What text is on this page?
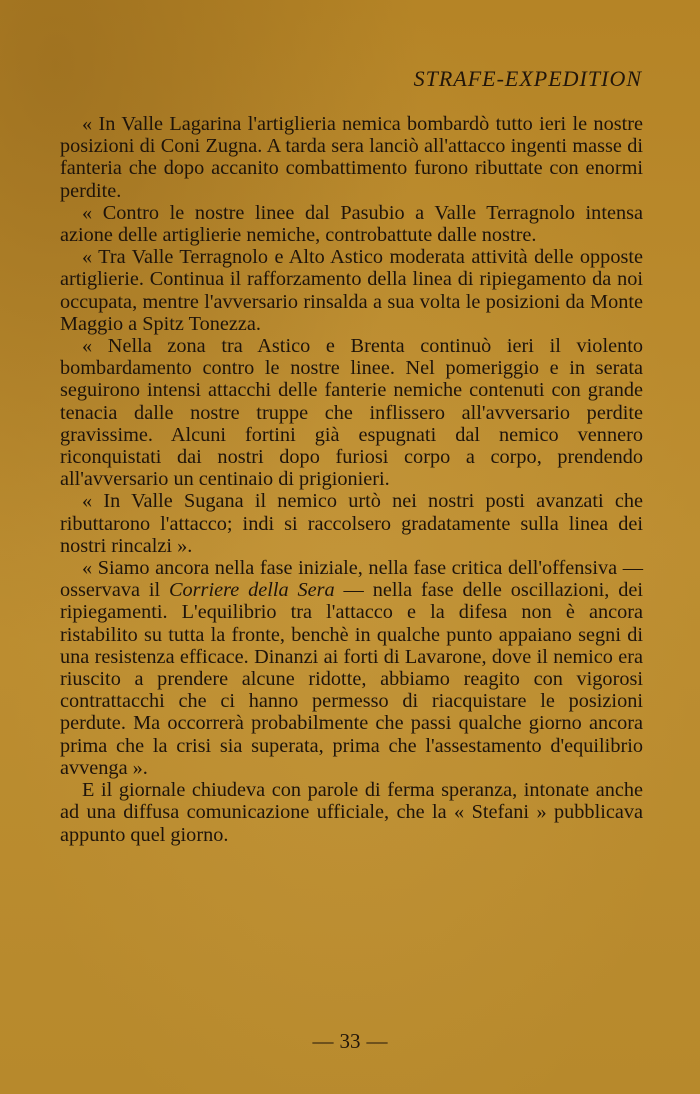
STRAFE-EXPEDITION

« In Valle Lagarina l'artiglieria nemica bombardò tutto ieri le nostre posizioni di Coni Zugna. A tarda sera lanciò all'attacco ingenti masse di fanteria che dopo accanito combattimento furono ributtate con enormi perdite.

« Contro le nostre linee dal Pasubio a Valle Terragnolo intensa azione delle artiglierie nemiche, controbattute dalle nostre.

« Tra Valle Terragnolo e Alto Astico moderata attività delle opposte artiglierie. Continua il rafforzamento della linea di ripiegamento da noi occupata, mentre l'avversario rinsalda a sua volta le posizioni da Monte Maggio a Spitz Tonezza.

« Nella zona tra Astico e Brenta continuò ieri il violento bombardamento contro le nostre linee. Nel pomeriggio e in serata seguirono intensi attacchi delle fanterie nemiche contenuti con grande tenacia dalle nostre truppe che inflissero all'avversario perdite gravissime. Alcuni fortini già espugnati dal nemico vennero riconquistati dai nostri dopo furiosi corpo a corpo, prendendo all'avversario un centinaio di prigionieri.

« In Valle Sugana il nemico urtò nei nostri posti avanzati che ributtarono l'attacco; indi si raccolsero gradatamente sulla linea dei nostri rincalzi ».

« Siamo ancora nella fase iniziale, nella fase critica dell'offensiva — osservava il Corriere della Sera — nella fase delle oscillazioni, dei ripiegamenti. L'equilibrio tra l'attacco e la difesa non è ancora ristabilito su tutta la fronte, benchè in qualche punto appaiano segni di una resistenza efficace. Dinanzi ai forti di Lavarone, dove il nemico era riuscito a prendere alcune ridotte, abbiamo reagito con vigorosi contrattacchi che ci hanno permesso di riacquistare le posizioni perdute. Ma occorrerà probabilmente che passi qualche giorno ancora prima che la crisi sia superata, prima che l'assestamento d'equilibrio avvenga ».

E il giornale chiudeva con parole di ferma speranza, intonate anche ad una diffusa comunicazione ufficiale, che la « Stefani » pubblicava appunto quel giorno.

— 33 —
